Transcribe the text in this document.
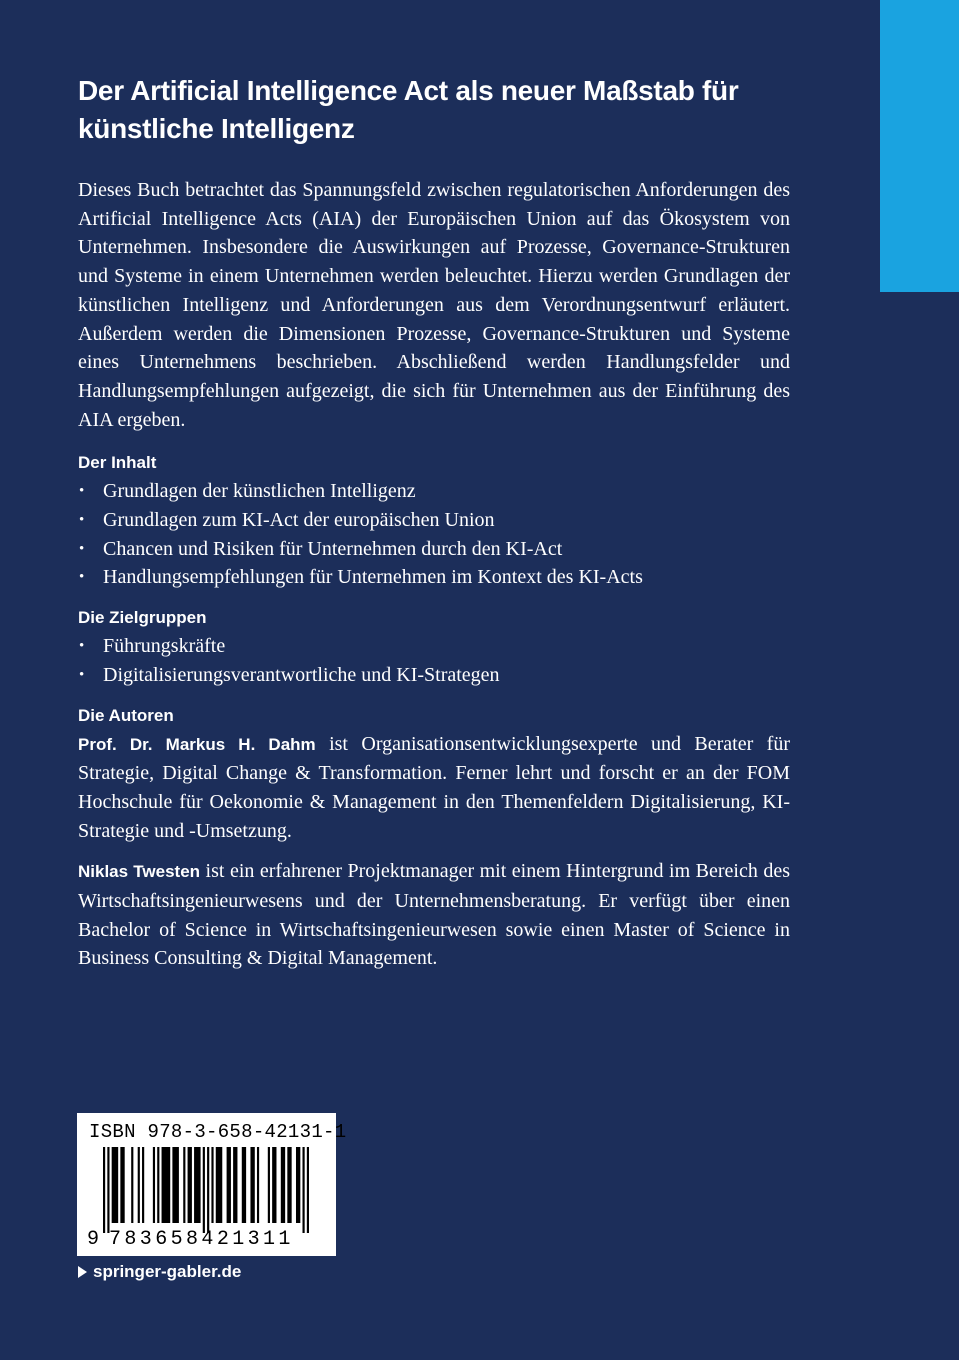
Der Artificial Intelligence Act als neuer Maßstab für künstliche Intelligenz

Dieses Buch betrachtet das Spannungsfeld zwischen regulatorischen Anforderungen des Artificial Intelligence Acts (AIA) der Europäischen Union auf das Ökosystem von Unternehmen. Insbesondere die Auswirkungen auf Prozesse, Governance-Strukturen und Systeme in einem Unternehmen werden beleuchtet. Hierzu werden Grundlagen der künstlichen Intelligenz und Anforderungen aus dem Verordnungsentwurf erläutert. Außerdem werden die Dimensionen Prozesse, Governance-Strukturen und Systeme eines Unternehmens beschrieben. Abschließend werden Handlungsfelder und Handlungsempfehlungen aufgezeigt, die sich für Unternehmen aus der Einführung des AIA ergeben.

Der Inhalt
• Grundlagen der künstlichen Intelligenz
• Grundlagen zum KI-Act der europäischen Union
• Chancen und Risiken für Unternehmen durch den KI-Act
• Handlungsempfehlungen für Unternehmen im Kontext des KI-Acts
Die Zielgruppen
• Führungskräfte
• Digitalisierungsverantwortliche und KI-Strategen
Die Autoren

Prof. Dr. Markus H. Dahm ist Organisationsentwicklungsexperte und Berater für Strategie, Digital Change & Transformation. Ferner lehrt und forscht er an der FOM Hochschule für Oekonomie & Management in den Themenfeldern Digitalisierung, KI-Strategie und -Umsetzung.

Niklas Twesten ist ein erfahrener Projektmanager mit einem Hintergrund im Bereich des Wirtschaftsingenieurwesens und der Unternehmensberatung. Er verfügt über einen Bachelor of Science in Wirtschaftsingenieurwesen sowie einen Master of Science in Business Consulting & Digital Management.

ISBN 978-3-658-42131-1
9 783658421311
springer-gabler.de
